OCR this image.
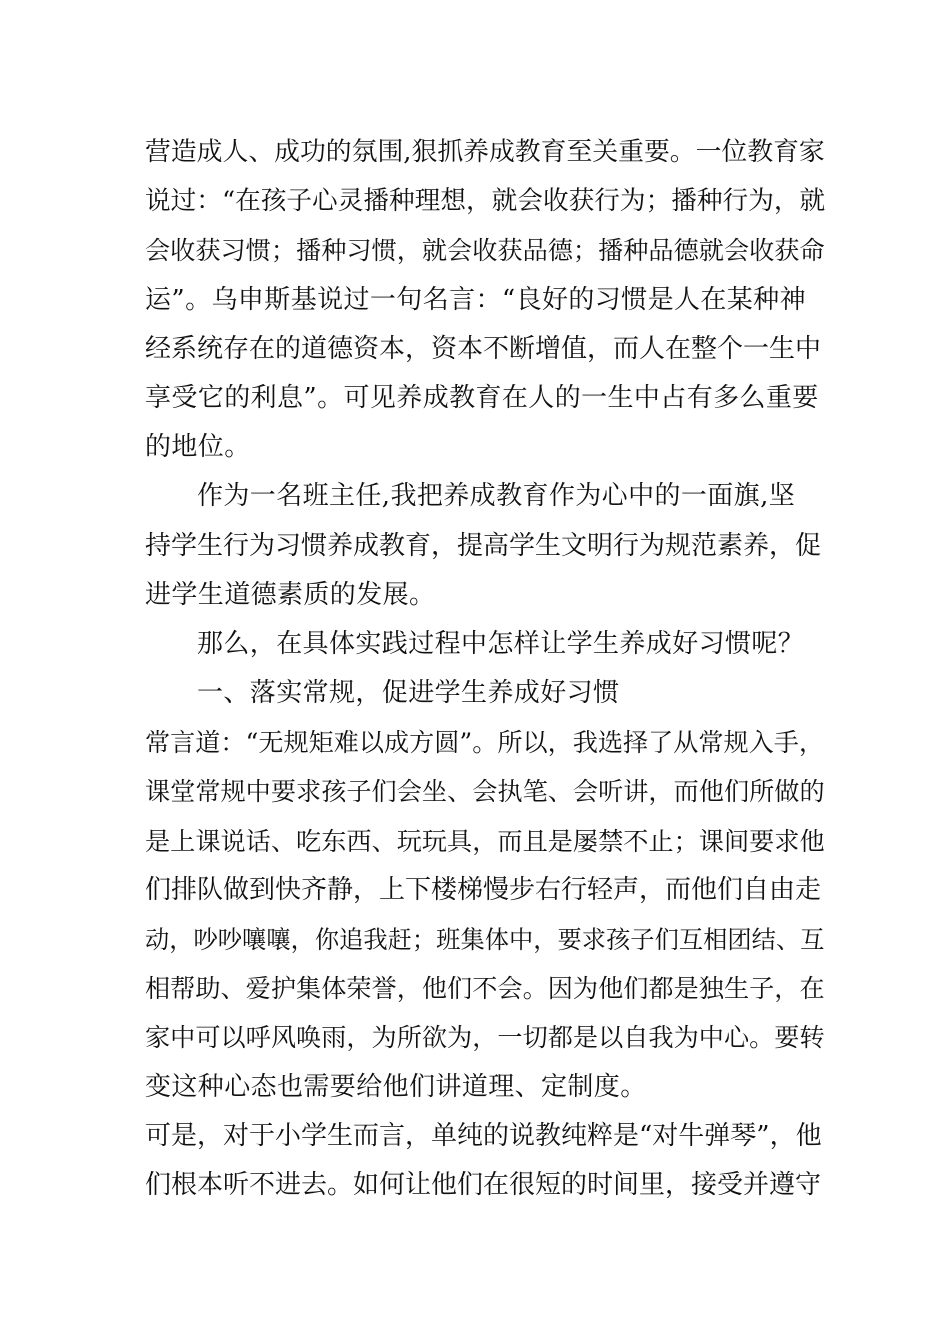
营造成人、成功的氛围,狠抓养成教育至关重要。一位教育家
说过：“在孩子心灵播种理想，就会收获行为；播种行为，就
会收获习惯；播种习惯，就会收获品德；播种品德就会收获命
运”。乌申斯基说过一句名言：“良好的习惯是人在某种神
经系统存在的道德资本，资本不断增值，而人在整个一生中
享受它的利息”。可见养成教育在人的一生中占有多么重要
的地位。
作为一名班主任,我把养成教育作为心中的一面旗,坚
持学生行为习惯养成教育，提高学生文明行为规范素养，促
进学生道德素质的发展。
那么，在具体实践过程中怎样让学生养成好习惯呢？
一、落实常规，促进学生养成好习惯
常言道：“无规矩难以成方圆”。所以，我选择了从常规入手，
课堂常规中要求孩子们会坐、会执笔、会听讲，而他们所做的
是上课说话、吃东西、玩玩具，而且是屡禁不止；课间要求他
们排队做到快齐静，上下楼梯慢步右行轻声，而他们自由走
动，吵吵嚷嚷，你追我赶；班集体中，要求孩子们互相团结、互
相帮助、爱护集体荣誉，他们不会。因为他们都是独生子，在
家中可以呼风唤雨，为所欲为，一切都是以自我为中心。要转
变这种心态也需要给他们讲道理、定制度。
可是，对于小学生而言，单纯的说教纯粹是“对牛弹琴”，他
们根本听不进去。如何让他们在很短的时间里，接受并遵守
